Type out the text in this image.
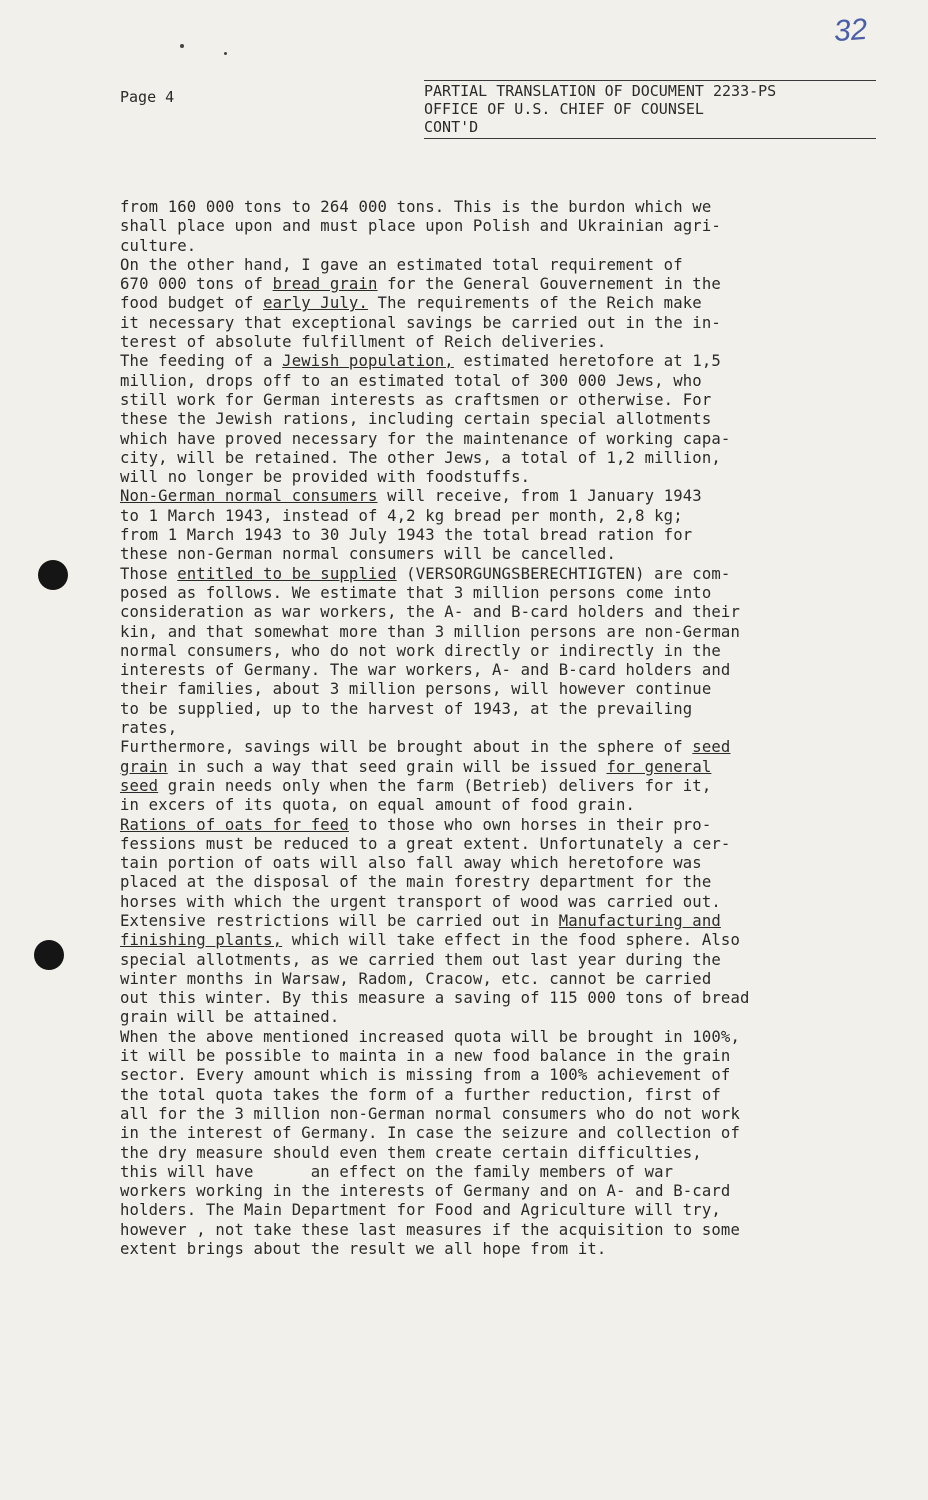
32
Page 4	PARTIAL TRANSLATION OF DOCUMENT 2233-PS
OFFICE OF U.S. CHIEF OF COUNSEL
CONT'D
from 160 000 tons to 264 000 tons. This is the burdon which we
shall place upon and must place upon Polish and Ukrainian agri-
culture.
On the other hand, I gave an estimated total requirement of
670 000 tons of bread grain for the General Gouvernement in the
food budget of early July. The requirements of the Reich make
it necessary that exceptional savings be carried out in the in-
terest of absolute fulfillment of Reich deliveries.
The feeding of a Jewish population, estimated heretofore at 1,5
million, drops off to an estimated total of 300 000 Jews, who
still work for German interests as craftsmen or otherwise. For
these the Jewish rations, including certain special allotments
which have proved necessary for the maintenance of working capa-
city, will be retained. The other Jews, a total of 1,2 million,
will no longer be provided with foodstuffs.
Non-German normal consumers will receive, from 1 January 1943
to 1 March 1943, instead of 4,2 kg bread per month, 2,8 kg;
from 1 March 1943 to 30 July 1943 the total bread ration for
these non-German normal consumers will be cancelled.
Those entitled to be supplied (VERSORGUNGSBERECHTIGTEN) are com-
posed as follows. We estimate that 3 million persons come into
consideration as war workers, the A- and B-card holders and their
kin, and that somewhat more than 3 million persons are non-German
normal consumers, who do not work directly or indirectly in the
interests of Germany. The war workers, A- and B-card holders and
their families, about 3 million persons, will however continue
to be supplied, up to the harvest of 1943, at the prevailing
rates,
Furthermore, savings will be brought about in the sphere of seed
grain in such a way that seed grain will be issued for general
seed grain needs only when the farm (Betrieb) delivers for it,
in excers of its quota, on equal amount of food grain.
Rations of oats for feed to those who own horses in their pro-
fessions must be reduced to a great extent. Unfortunately a cer-
tain portion of oats will also fall away which heretofore was
placed at the disposal of the main forestry department for the
horses with which the urgent transport of wood was carried out.
Extensive restrictions will be carried out in Manufacturing and
finishing plants, which will take effect in the food sphere. Also
special allotments, as we carried them out last year during the
winter months in Warsaw, Radom, Cracow, etc. cannot be carried
out this winter. By this measure a saving of 115 000 tons of bread
grain will be attained.
When the above mentioned increased quota will be brought in 100%,
it will be possible to mainta in a new food balance in the grain
sector. Every amount which is missing from a 100% achievement of
the total quota takes the form of a further reduction, first of
all for the 3 million non-German normal consumers who do not work
in the interest of Germany. In case the seizure and collection of
the dry measure should even them create certain difficulties,
this will have      an effect on the family members of war
workers working in the interests of Germany and on A- and B-card
holders. The Main Department for Food and Agriculture will try,
however , not take these last measures if the acquisition to some
extent brings about the result we all hope from it.
